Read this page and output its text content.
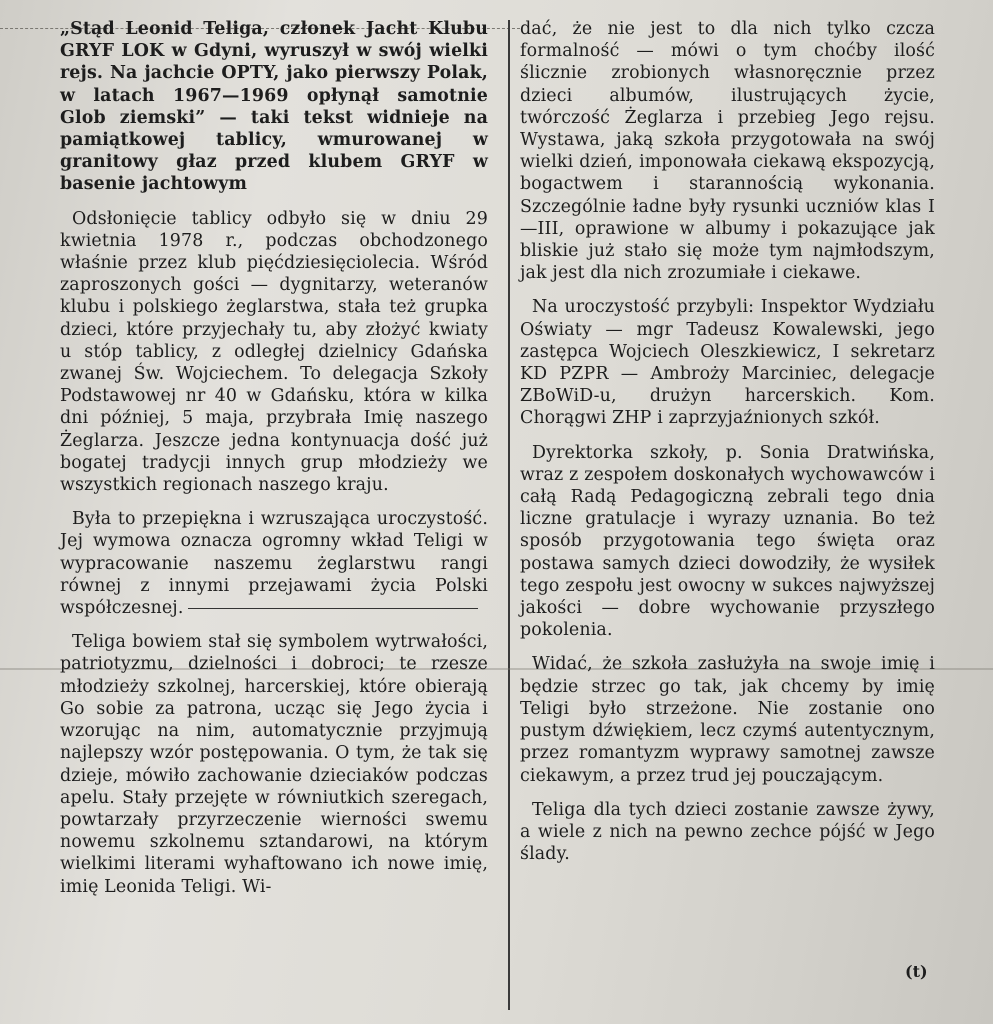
„Stąd Leonid Teliga, członek Jacht Klubu GRYF LOK w Gdyni, wyruszył w swój wielki rejs. Na jachcie OPTY, jako pierwszy Polak, w latach 1967—1969 opłynął samotnie Glob ziemski” — taki tekst widnieje na pamiątkowej tablicy, wmurowanej w granitowy głaz przed klubem GRYF w basenie jachtowym

Odsłonięcie tablicy odbyło się w dniu 29 kwietnia 1978 r., podczas obchodzonego właśnie przez klub pięćdziesięciolecia. Wśród zaproszonych gości — dygnitarzy, weteranów klubu i polskiego żeglarstwa, stała też grupka dzieci, które przyjechały tu, aby złożyć kwiaty u stóp tablicy, z odległej dzielnicy Gdańska zwanej Św. Wojciechem. To delegacja Szkoły Podstawowej nr 40 w Gdańsku, która w kilka dni później, 5 maja, przybrała Imię naszego Żeglarza. Jeszcze jedna kontynuacja dość już bogatej tradycji innych grup młodzieży we wszystkich regionach naszego kraju.

Była to przepiękna i wzruszająca uroczystość. Jej wymowa oznacza ogromny wkład Teligi w wypracowanie naszemu żeglarstwu rangi równej z innymi przejawami życia Polski współczesnej.

Teliga bowiem stał się symbolem wytrwałości, patriotyzmu, dzielności i dobroci; te rzesze młodzieży szkolnej, harcerskiej, które obierają Go sobie za patrona, ucząc się Jego życia i wzorując na nim, automatycznie przyjmują najlepszy wzór postępowania. O tym, że tak się dzieje, mówiło zachowanie dzieciaków podczas apelu. Stały przejęte w równiutkich szeregach, powtarzały przyrzeczenie wierności swemu nowemu szkolnemu sztandarowi, na którym wielkimi literami wyhaftowano ich nowe imię, imię Leonida Teligi. Wi-

dać, że nie jest to dla nich tylko czcza formalność — mówi o tym choćby ilość ślicznie zrobionych własnoręcznie przez dzieci albumów, ilustrujących życie, twórczość Żeglarza i przebieg Jego rejsu. Wystawa, jaką szkoła przygotowała na swój wielki dzień, imponowała ciekawą ekspozycją, bogactwem i starannością wykonania. Szczególnie ładne były rysunki uczniów klas I—III, oprawione w albumy i pokazujące jak bliskie już stało się może tym najmłodszym, jak jest dla nich zrozumiałe i ciekawe.

Na uroczystość przybyli: Inspektor Wydziału Oświaty — mgr Tadeusz Kowalewski, jego zastępca Wojciech Oleszkiewicz, I sekretarz KD PZPR — Ambroży Marciniec, delegacje ZBoWiD-u, drużyn harcerskich. Kom. Chorągwi ZHP i zaprzyjaźnionych szkół.

Dyrektorka szkoły, p. Sonia Dratwińska, wraz z zespołem doskonałych wychowawców i całą Radą Pedagogiczną zebrali tego dnia liczne gratulacje i wyrazy uznania. Bo też sposób przygotowania tego święta oraz postawa samych dzieci dowodziły, że wysiłek tego zespołu jest owocny w sukces najwyższej jakości — dobre wychowanie przyszłego pokolenia.

Widać, że szkoła zasłużyła na swoje imię i będzie strzec go tak, jak chcemy by imię Teligi było strzeżone. Nie zostanie ono pustym dźwiękiem, lecz czymś autentycznym, przez romantyzm wyprawy samotnej zawsze ciekawym, a przez trud jej pouczającym.

Teliga dla tych dzieci zostanie zawsze żywy, a wiele z nich na pewno zechce pójść w Jego ślady.

(t)
